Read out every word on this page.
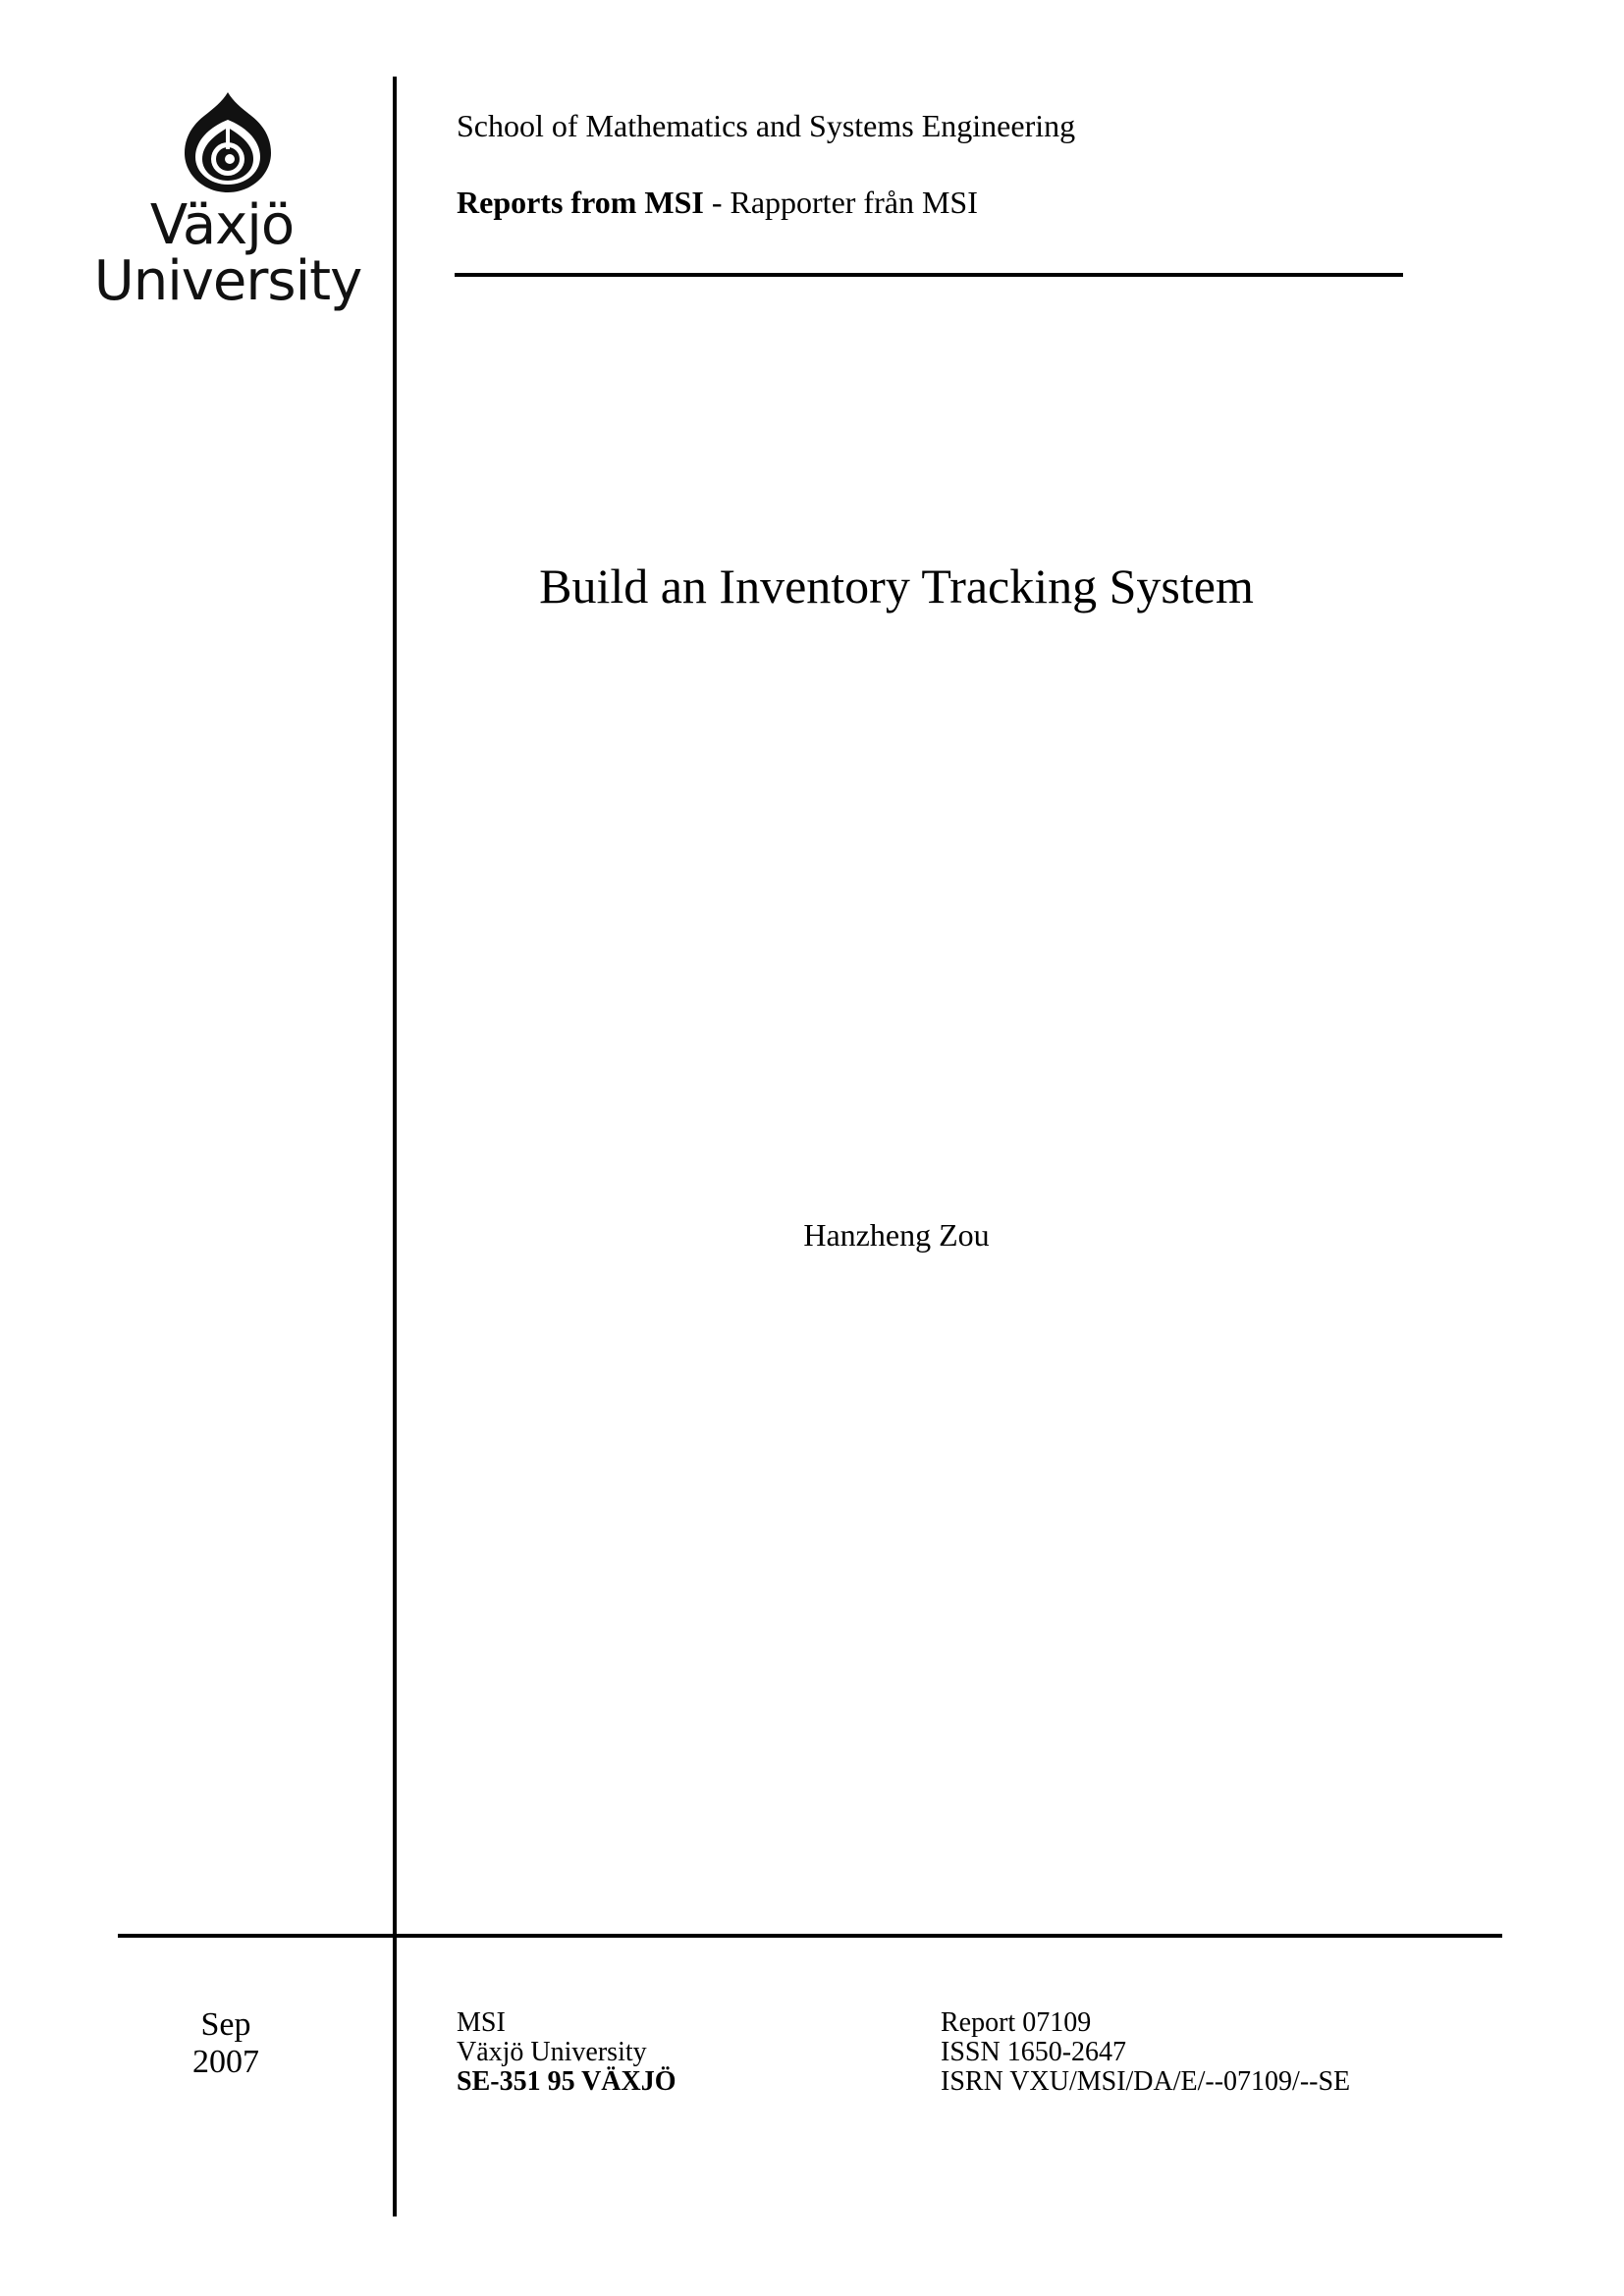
Växjö
University
School of Mathematics and Systems Engineering
Reports from MSI - Rapporter från MSI
Build an Inventory Tracking System
Hanzheng Zou
Sep
2007
MSI
Växjö University
SE-351 95 VÄXJÖ
Report 07109
ISSN 1650-2647
ISRN VXU/MSI/DA/E/--07109/--SE
